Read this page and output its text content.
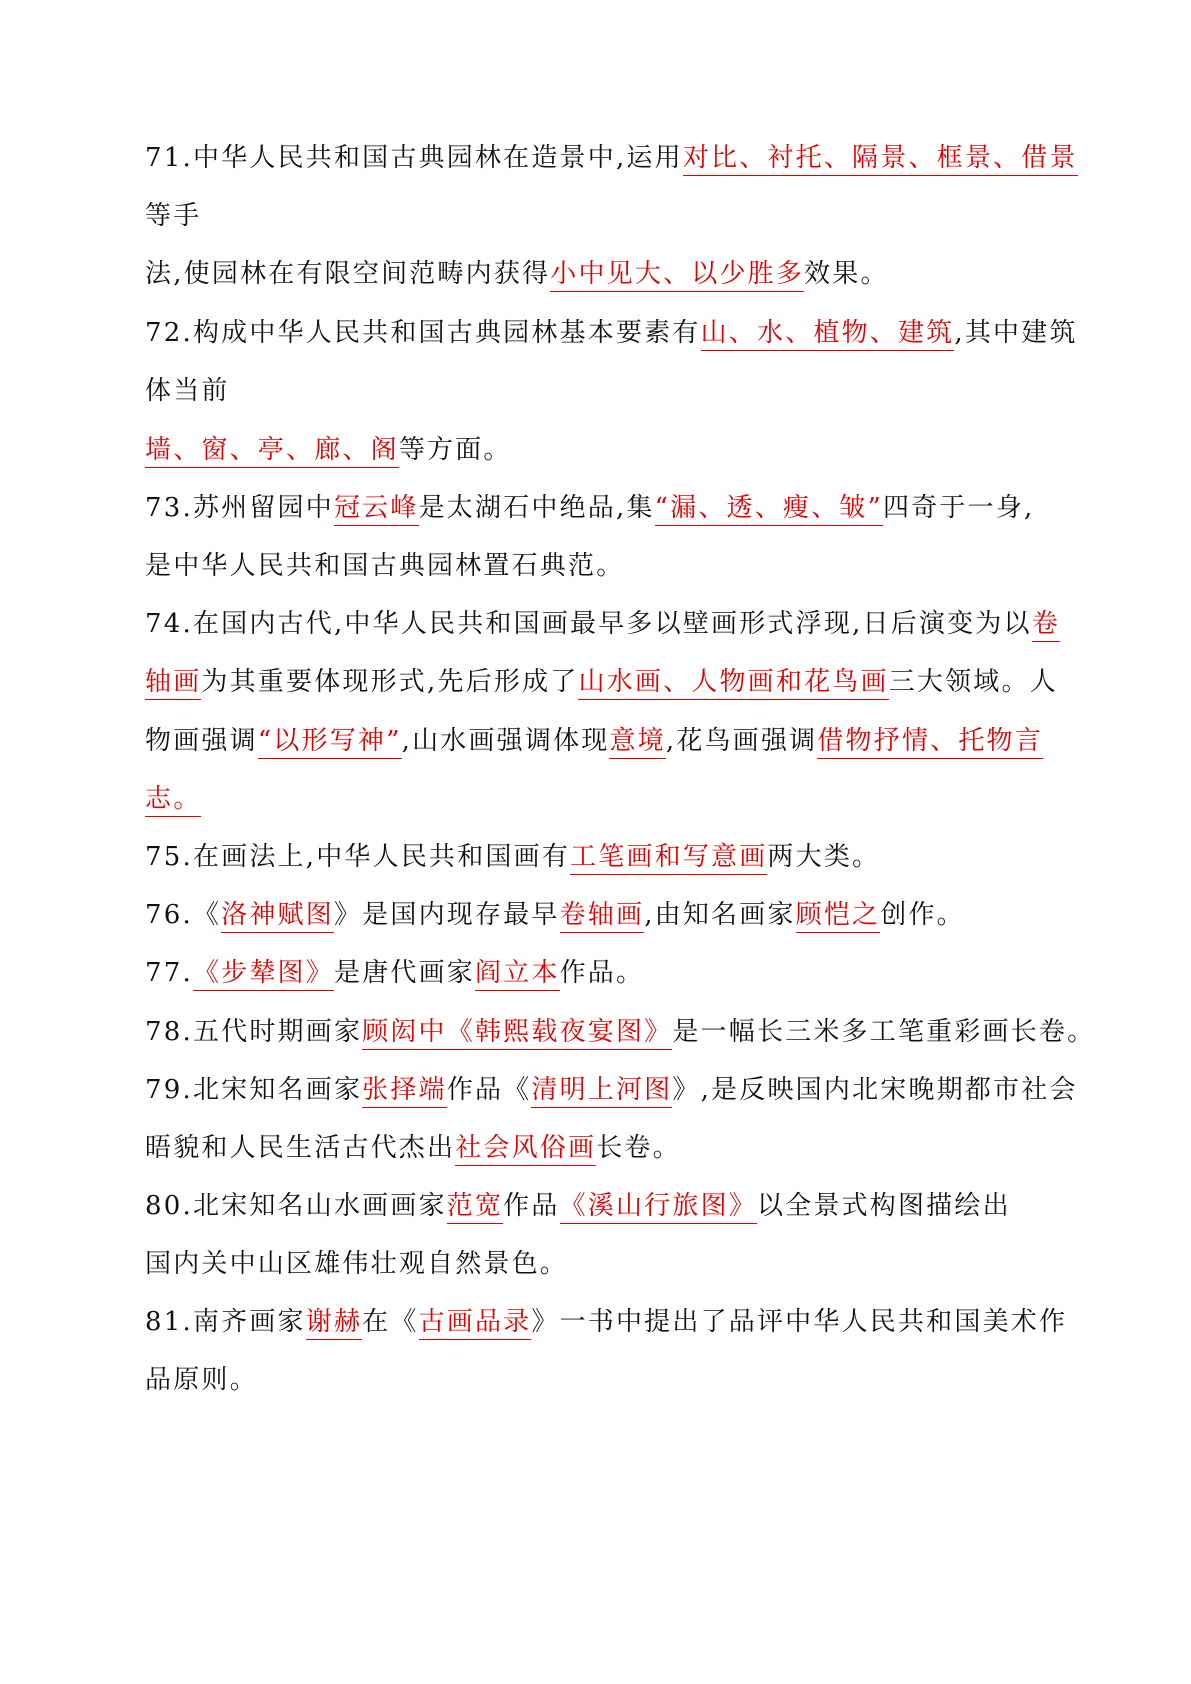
71.中华人民共和国古典园林在造景中,运用对比、衬托、隔景、框景、借景
等手
法,使园林在有限空间范畴内获得小中见大、以少胜多效果。
72.构成中华人民共和国古典园林基本要素有山、水、植物、建筑,其中建筑
体当前
墙、窗、亭、廊、阁等方面。
73.苏州留园中冠云峰是太湖石中绝品,集“漏、透、瘦、皱”四奇于一身,
是中华人民共和国古典园林置石典范。
74.在国内古代,中华人民共和国画最早多以壁画形式浮现,日后演变为以卷
轴画为其重要体现形式,先后形成了山水画、人物画和花鸟画三大领域。人
物画强调“以形写神”,山水画强调体现意境,花鸟画强调借物抒情、托物言
志。
75.在画法上,中华人民共和国画有工笔画和写意画两大类。
76.《洛神赋图》是国内现存最早卷轴画,由知名画家顾恺之创作。
77.《步辇图》是唐代画家阎立本作品。
78.五代时期画家顾闳中《韩熙载夜宴图》是一幅长三米多工笔重彩画长卷。
79.北宋知名画家张择端作品《清明上河图》,是反映国内北宋晚期都市社会
晤貌和人民生活古代杰出社会风俗画长卷。
80.北宋知名山水画画家范宽作品《溪山行旅图》以全景式构图描绘出
国内关中山区雄伟壮观自然景色。
81.南齐画家谢赫在《古画品录》一书中提出了品评中华人民共和国美术作
品原则。
